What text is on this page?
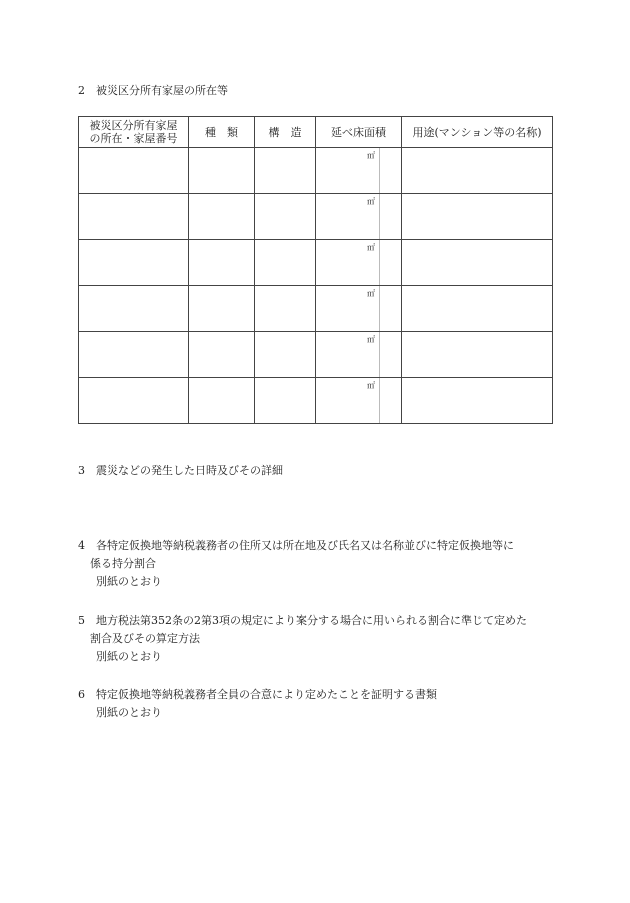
2　被災区分所有家屋の所在等
被災区分所有家屋
の所在・家屋番号	種　類	構　造	延べ床面積		用途(マンション等の名称)

			㎡		

			㎡		

			㎡		

			㎡		

			㎡		

			㎡		

3　震災などの発生した日時及びその詳細
4　各特定仮換地等納税義務者の住所又は所在地及び氏名又は名称並びに特定仮換地等に
係る持分割合
別紙のとおり
5　地方税法第352条の2第3項の規定により案分する場合に用いられる割合に準じて定めた
割合及びその算定方法
別紙のとおり
6　特定仮換地等納税義務者全員の合意により定めたことを証明する書類
別紙のとおり
